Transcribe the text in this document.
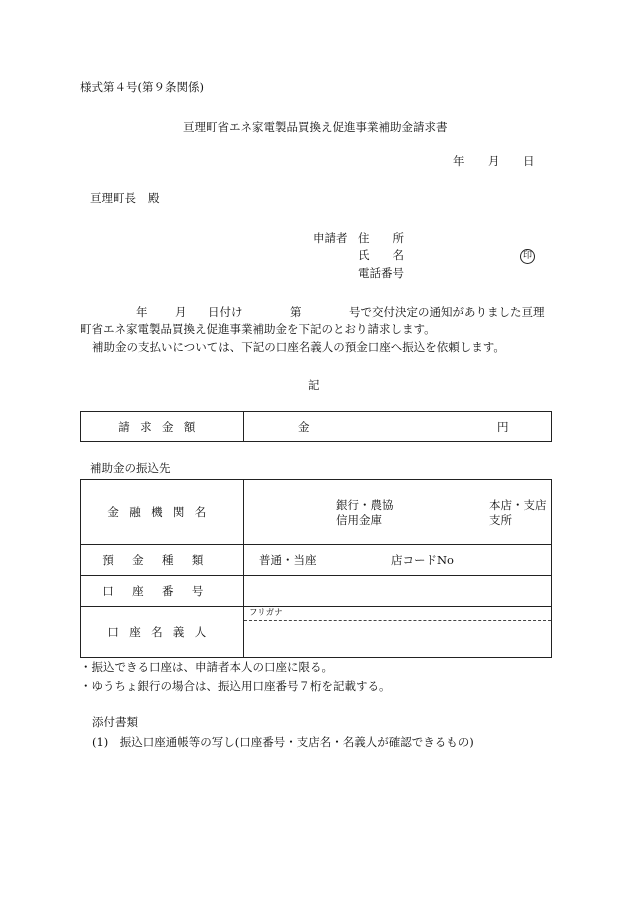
様式第４号(第９条関係)
亘理町省エネ家電製品買換え促進事業補助金請求書
年 月 日
亘理町長 殿
申請者 住　　所
氏　　名	印
電話番号
年 月 日付け	第	号で交付決定の通知がありました亘理
町省エネ家電製品買換え促進事業補助金を下記のとおり請求します。
補助金の支払いについては、下記の口座名義人の預金口座へ振込を依頼します。
記
請求金額	金	円
補助金の振込先
金融機関名	銀行・農協
信用金庫
本店・支店
支所

預金種類	普通・当座 店コードNo

口座番号	

口座名義人	フリガナ
・振込できる口座は、申請者本人の口座に限る。
・ゆうちょ銀行の場合は、振込用口座番号７桁を記載する。
添付書類
(1)　振込口座通帳等の写し(口座番号・支店名・名義人が確認できるもの)
